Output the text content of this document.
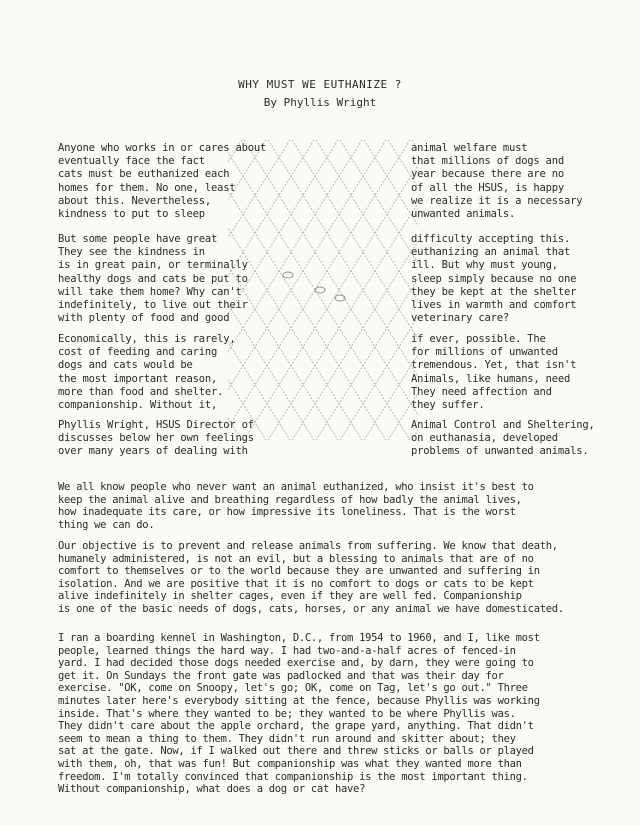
WHY MUST WE EUTHANIZE ?
By Phyllis Wright
Anyone who works in or cares about
eventually face the fact
cats must be euthanized each
homes for them. No one, least
about this. Nevertheless,
kindness to put to sleep
But some people have great
They see the kindness in
is in great pain, or terminally
healthy dogs and cats be put to
will take them home? Why can't
indefinitely, to live out their
with plenty of food and good
Economically, this is rarely,
cost of feeding and caring
dogs and cats would be
the most important reason,
more than food and shelter.
companionship. Without it,
Phyllis Wright, HSUS Director of
discusses below her own feelings
over many years of dealing with
animal welfare must
that millions of dogs and
year because there are no
of all the HSUS, is happy
we realize it is a necessary
unwanted animals.
difficulty accepting this.
euthanizing an animal that
ill. But why must young,
sleep simply because no one
they be kept at the shelter
lives in warmth and comfort
veterinary care?
if ever, possible. The
for millions of unwanted
tremendous. Yet, that isn't
Animals, like humans, need
They need affection and
they suffer.
Animal Control and Sheltering,
on euthanasia, developed
problems of unwanted animals.
We all know people who never want an animal euthanized, who insist it's best to
keep the animal alive and breathing regardless of how badly the animal lives,
how inadequate its care, or how impressive its loneliness. That is the worst
thing we can do.
Our objective is to prevent and release animals from suffering. We know that death,
humanely administered, is not an evil, but a blessing to animals that are of no
comfort to themselves or to the world because they are unwanted and suffering in
isolation. And we are positive that it is no comfort to dogs or cats to be kept
alive indefinitely in shelter cages, even if they are well fed. Companionship
is one of the basic needs of dogs, cats, horses, or any animal we have domesticated.
I ran a boarding kennel in Washington, D.C., from 1954 to 1960, and I, like most
people, learned things the hard way. I had two-and-a-half acres of fenced-in
yard. I had decided those dogs needed exercise and, by darn, they were going to
get it. On Sundays the front gate was padlocked and that was their day for
exercise. "OK, come on Snoopy, let's go; OK, come on Tag, let's go out." Three
minutes later here's everybody sitting at the fence, because Phyllis was working
inside. That's where they wanted to be; they wanted to be where Phyllis was.
They didn't care about the apple orchard, the grape yard, anything. That didn't
seem to mean a thing to them. They didn't run around and skitter about; they
sat at the gate. Now, if I walked out there and threw sticks or balls or played
with them, oh, that was fun! But companionship was what they wanted more than
freedom. I'm totally convinced that companionship is the most important thing.
Without companionship, what does a dog or cat have?
